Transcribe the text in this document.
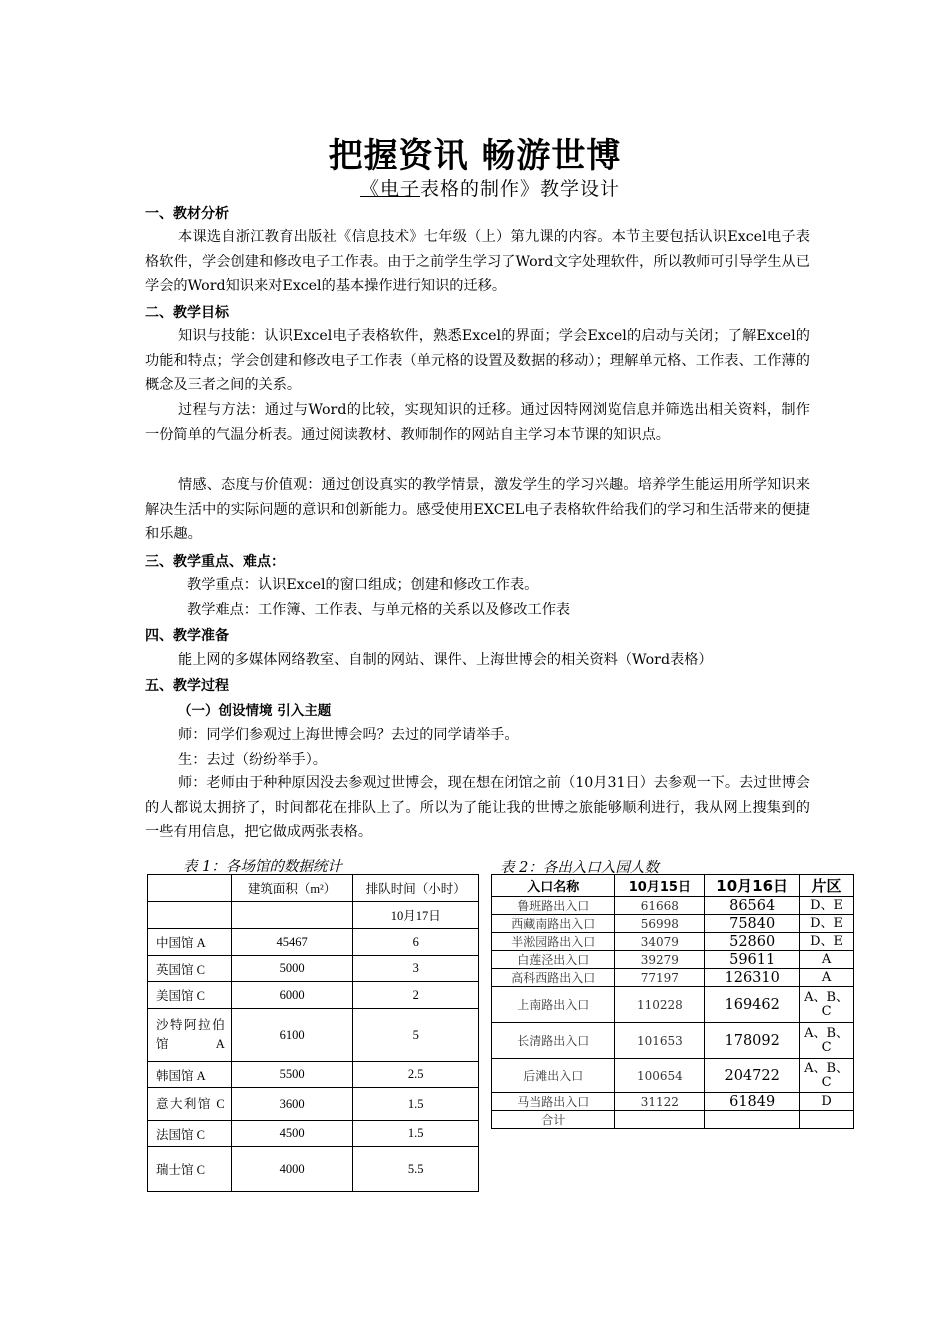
把握资讯 畅游世博
《电子表格的制作》教学设计
一、教材分析
本课选自浙江教育出版社《信息技术》七年级（上）第九课的内容。本节主要包括认识Excel电子表格软件，学会创建和修改电子工作表。由于之前学生学习了Word文字处理软件，所以教师可引导学生从已学会的Word知识来对Excel的基本操作进行知识的迁移。
二、教学目标
知识与技能：认识Excel电子表格软件，熟悉Excel的界面；学会Excel的启动与关闭；了解Excel的功能和特点；学会创建和修改电子工作表（单元格的设置及数据的移动）；理解单元格、工作表、工作薄的概念及三者之间的关系。
过程与方法：通过与Word的比较，实现知识的迁移。通过因特网浏览信息并筛选出相关资料，制作一份简单的气温分析表。通过阅读教材、教师制作的网站自主学习本节课的知识点。
情感、态度与价值观：通过创设真实的教学情景，激发学生的学习兴趣。培养学生能运用所学知识来解决生活中的实际问题的意识和创新能力。感受使用EXCEL电子表格软件给我们的学习和生活带来的便捷和乐趣。
三、教学重点、难点：
教学重点：认识Excel的窗口组成；创建和修改工作表。
教学难点：工作簿、工作表、与单元格的关系以及修改工作表
四、教学准备
能上网的多媒体网络教室、自制的网站、课件、上海世博会的相关资料（Word表格）
五、教学过程
（一）创设情境 引入主题
师：同学们参观过上海世博会吗？去过的同学请举手。
生：去过（纷纷举手）。
师：老师由于种种原因没去参观过世博会，现在想在闭馆之前（10月31日）去参观一下。去过世博会的人都说太拥挤了，时间都花在排队上了。所以为了能让我的世博之旅能够顺利进行，我从网上搜集到的一些有用信息，把它做成两张表格。
表 1：各场馆的数据统计	表 2：各出入口入园人数
	建筑面积（m²）	排队时间（小时）
		10月17日
中国馆 A	45467	6
英国馆 C	5000	3
美国馆 C	6000	2
沙特阿拉伯馆 A	6100	5
韩国馆 A	5500	2.5
意大利馆 C	3600	1.5
法国馆 C	4500	1.5
瑞士馆 C	4000	5.5
入口名称	10月15日	10月16日	片区
鲁班路出入口	61668	86564	D、E
西藏南路出入口	56998	75840	D、E
半淞园路出入口	34079	52860	D、E
白莲泾出入口	39279	59611	A
高科西路出入口	77197	126310	A
上南路出入口	110228	169462	A、B、C
长清路出入口	101653	178092	A、B、C
后滩出入口	100654	204722	A、B、C
马当路出入口	31122	61849	D
合计			
